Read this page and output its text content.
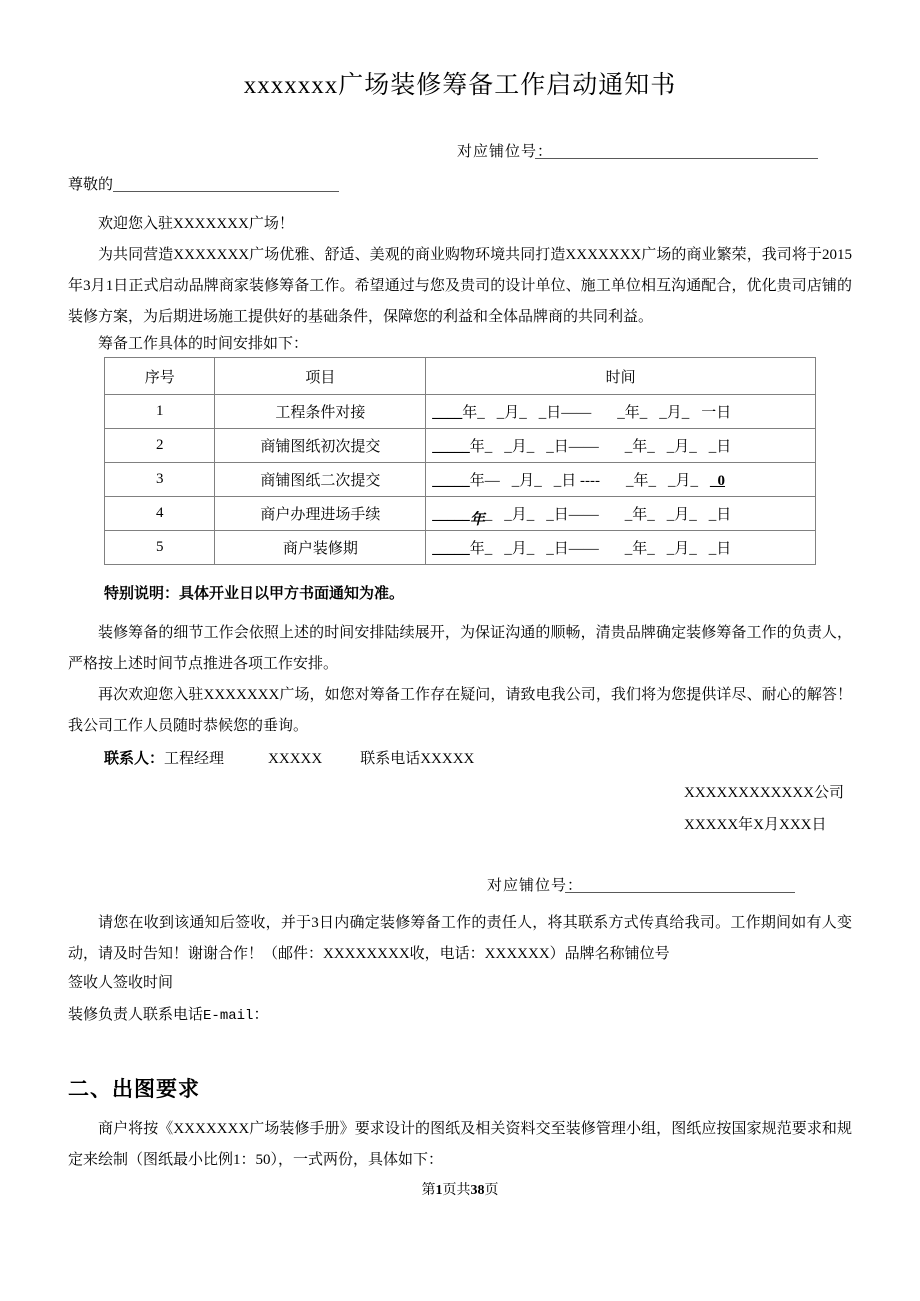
xxxxxxx广场装修筹备工作启动通知书
对应铺位号：
尊敬的
欢迎您入驻XXXXXXX广场！
为共同营造XXXXXXX广场优雅、舒适、美观的商业购物环境共同打造XXXXXXX广场的商业繁荣，我司将于2015年3月1日正式启动品牌商家装修筹备工作。希望通过与您及贵司的设计单位、施工单位相互沟通配合，优化贵司店铺的装修方案，为后期进场施工提供好的基础条件，保障您的利益和全体品牌商的共同利益。
筹备工作具体的时间安排如下：
序号	项目	时间
1	工程条件对接	____年_ _月_ _日—— _年_ _月_ 一日
2	商铺图纸初次提交	_____年_ _月_ _日—— _年_ _月_ _日
3	商铺图纸二次提交	_____年— _月_ _日 ---- _年_ _月_ _0
4	商户办理进场手续	_____年_ _月_ _日—— _年_ _月_ _日
5	商户装修期	_____年_ _月_ _日—— _年_ _月_ _日
特别说明：具体开业日以甲方书面通知为准。
装修筹备的细节工作会依照上述的时间安排陆续展开，为保证沟通的顺畅，清贵品牌确定装修筹备工作的负责人，严格按上述时间节点推进各项工作安排。
再次欢迎您入驻XXXXXXX广场，如您对筹备工作存在疑问，请致电我公司，我们将为您提供详尽、耐心的解答！我公司工作人员随时恭候您的垂询。
联系人：工程经理	XXXXX	联系电话XXXXX
XXXXXXXXXXXX公司
XXXXX年X月XXX日
对应铺位号：
请您在收到该通知后签收，并于3日内确定装修筹备工作的责任人，将其联系方式传真给我司。工作期间如有人变动，请及时告知！谢谢合作！（邮件：XXXXXXXX收，电话：XXXXXX）品牌名称铺位号
签收人签收时间
装修负责人联系电话E-mail：
二、出图要求
商户将按《XXXXXXX广场装修手册》要求设计的图纸及相关资料交至装修管理小组，图纸应按国家规范要求和规定来绘制（图纸最小比例1：50），一式两份，具体如下：
第1页共38页
